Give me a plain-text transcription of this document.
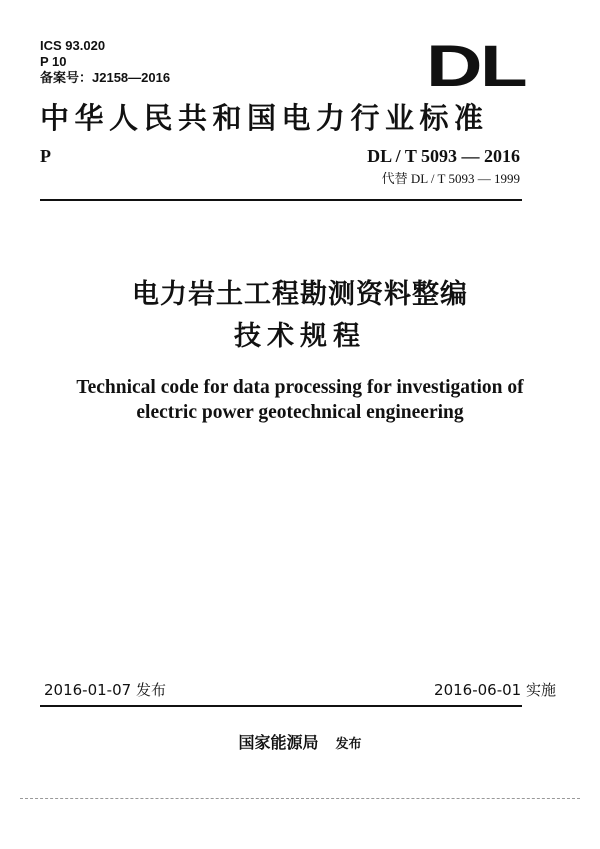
ICS 93.020
P 10
备案号：J2158—2016	DL
中华人民共和国电力行业标准
P	DL / T 5093 — 2016
代替 DL / T 5093 — 1999
电力岩土工程勘测资料整编
技术规程
Technical code for data processing for investigation of
electric power geotechnical engineering
2016-01-07 发布	2016-06-01 实施
国家能源局 发布
